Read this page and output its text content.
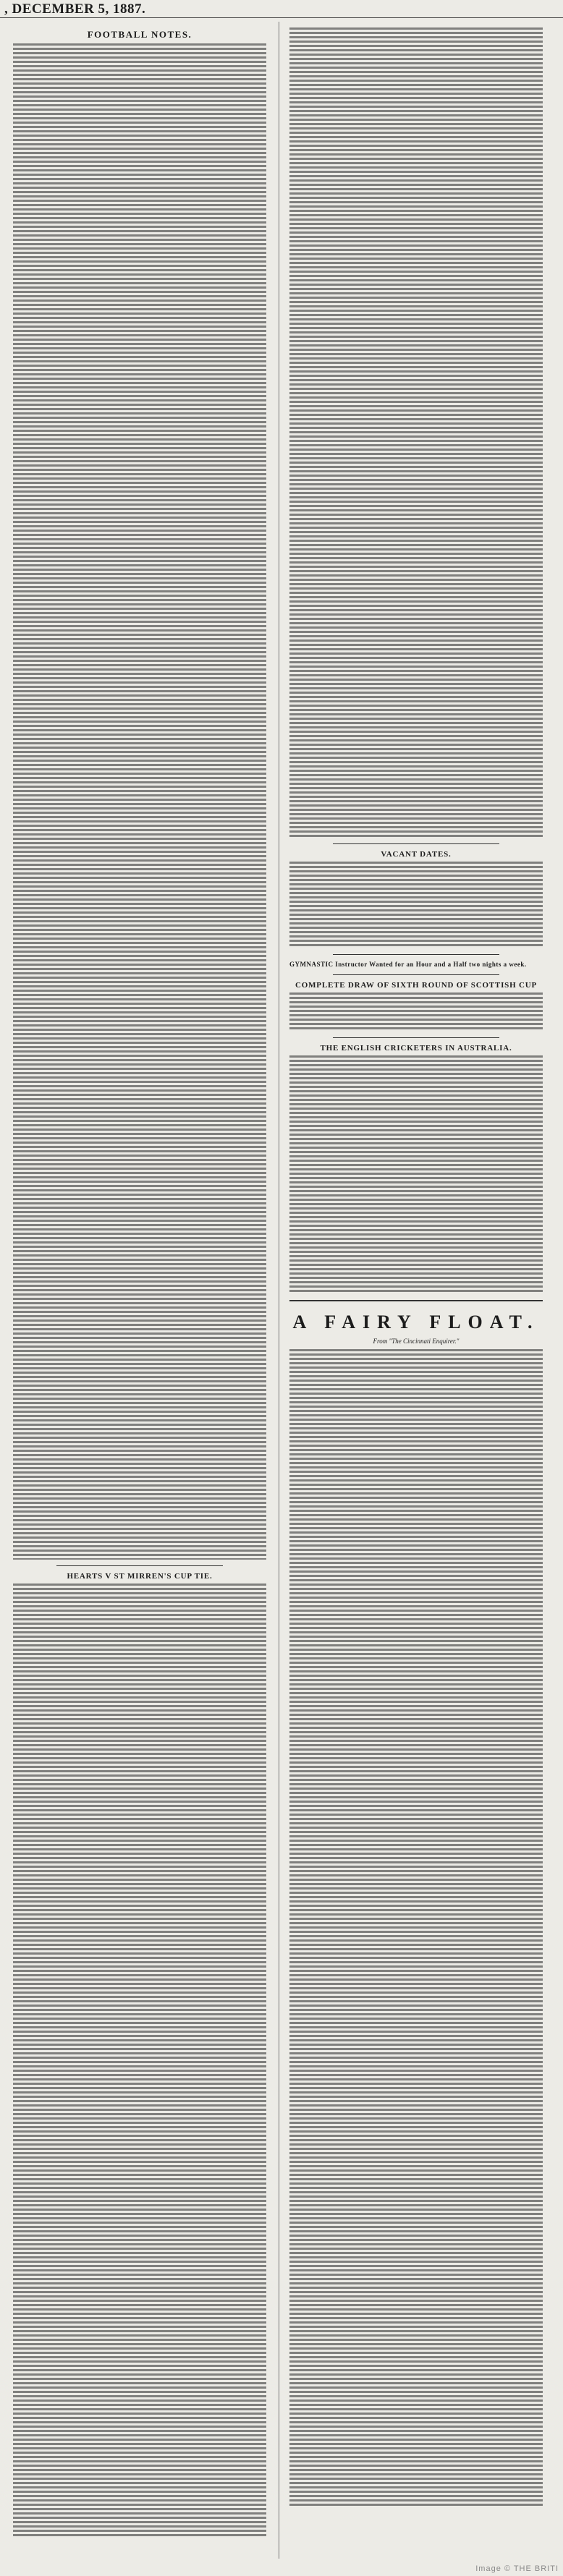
, DECEMBER 5, 1887.
FOOTBALL NOTES.
HEARTS V ST MIRREN'S CUP TIE.
VACANT DATES.
GYMNASTIC Instructor Wanted for an Hour and a Half two nights a week.
COMPLETE DRAW OF SIXTH ROUND OF SCOTTISH CUP
THE ENGLISH CRICKETERS IN AUSTRALIA.
A FAIRY FLOAT.
From "The Cincinnati Enquirer."
Image © THE BRITI
